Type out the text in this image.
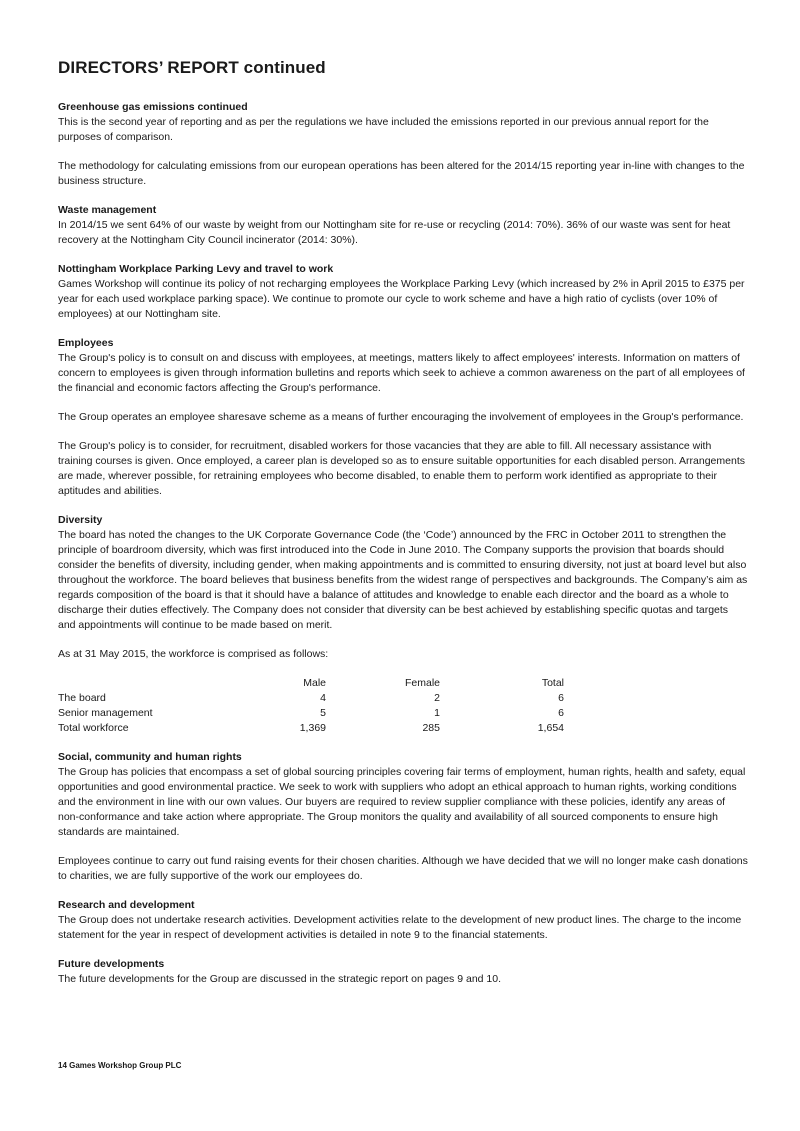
DIRECTORS’ REPORT continued
Greenhouse gas emissions continued

This is the second year of reporting and as per the regulations we have included the emissions reported in our previous annual report for the purposes of comparison.

The methodology for calculating emissions from our european operations has been altered for the 2014/15 reporting year in-line with changes to the business structure.

Waste management

In 2014/15 we sent 64% of our waste by weight from our Nottingham site for re-use or recycling (2014: 70%). 36% of our waste was sent for heat recovery at the Nottingham City Council incinerator (2014: 30%).

Nottingham Workplace Parking Levy and travel to work

Games Workshop will continue its policy of not recharging employees the Workplace Parking Levy (which increased by 2% in April 2015 to £375 per year for each used workplace parking space). We continue to promote our cycle to work scheme and have a high ratio of cyclists (over 10% of employees) at our Nottingham site.

Employees

The Group's policy is to consult on and discuss with employees, at meetings, matters likely to affect employees' interests. Information on matters of concern to employees is given through information bulletins and reports which seek to achieve a common awareness on the part of all employees of the financial and economic factors affecting the Group's performance.

The Group operates an employee sharesave scheme as a means of further encouraging the involvement of employees in the Group's performance.

The Group's policy is to consider, for recruitment, disabled workers for those vacancies that they are able to fill. All necessary assistance with training courses is given. Once employed, a career plan is developed so as to ensure suitable opportunities for each disabled person. Arrangements are made, wherever possible, for retraining employees who become disabled, to enable them to perform work identified as appropriate to their aptitudes and abilities.

Diversity

The board has noted the changes to the UK Corporate Governance Code (the ‘Code’) announced by the FRC in October 2011 to strengthen the principle of boardroom diversity, which was first introduced into the Code in June 2010. The Company supports the provision that boards should consider the benefits of diversity, including gender, when making appointments and is committed to ensuring diversity, not just at board level but also throughout the workforce. The board believes that business benefits from the widest range of perspectives and backgrounds. The Company’s aim as regards composition of the board is that it should have a balance of attitudes and knowledge to enable each director and the board as a whole to discharge their duties effectively. The Company does not consider that diversity can be best achieved by establishing specific quotas and targets and appointments will continue to be made based on merit.

As at 31 May 2015, the workforce is comprised as follows:

	Male	Female	Total
The board	4	2	6
Senior management	5	1	6
Total workforce	1,369	285	1,654
Social, community and human rights

The Group has policies that encompass a set of global sourcing principles covering fair terms of employment, human rights, health and safety, equal opportunities and good environmental practice. We seek to work with suppliers who adopt an ethical approach to human rights, working conditions and the environment in line with our own values. Our buyers are required to review supplier compliance with these policies, identify any areas of non-conformance and take action where appropriate. The Group monitors the quality and availability of all sourced components to ensure high standards are maintained.

Employees continue to carry out fund raising events for their chosen charities. Although we have decided that we will no longer make cash donations to charities, we are fully supportive of the work our employees do.

Research and development

The Group does not undertake research activities. Development activities relate to the development of new product lines. The charge to the income statement for the year in respect of development activities is detailed in note 9 to the financial statements.

Future developments

The future developments for the Group are discussed in the strategic report on pages 9 and 10.

14 Games Workshop Group PLC
